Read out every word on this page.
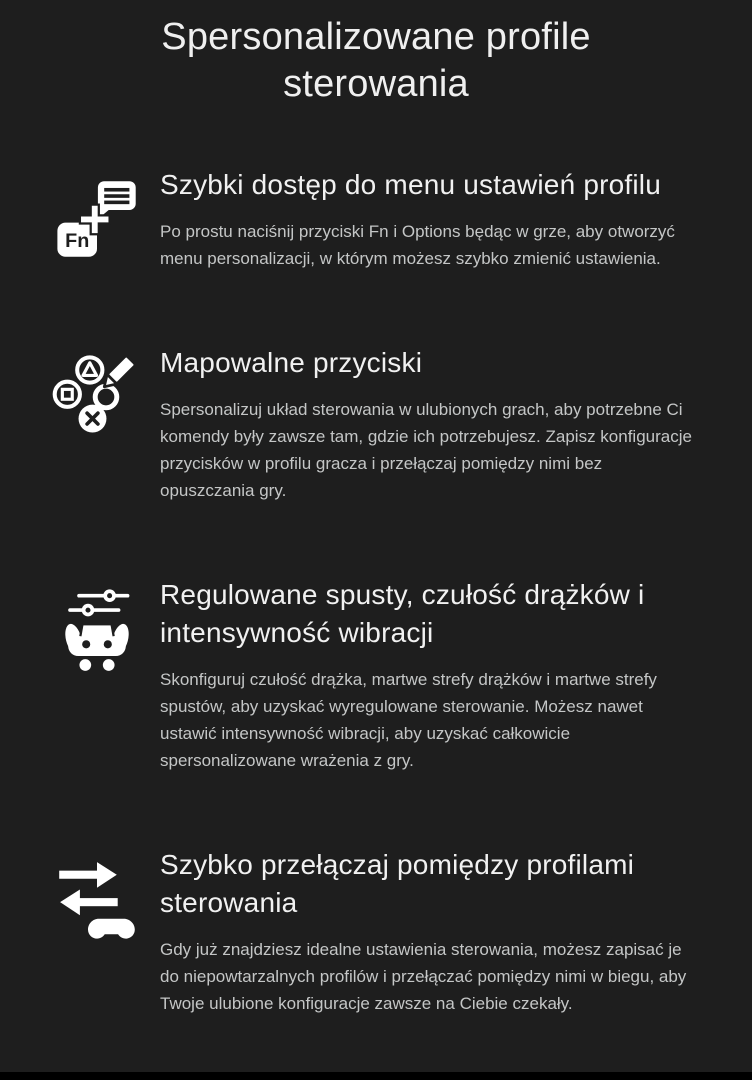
Spersonalizowane profile sterowania
Fn
Szybki dostęp do menu ustawień profilu

Po prostu naciśnij przyciski Fn i Options będąc w grze, aby otworzyć menu personalizacji, w którym możesz szybko zmienić ustawienia.

Mapowalne przyciski

Spersonalizuj układ sterowania w ulubionych grach, aby potrzebne Ci komendy były zawsze tam, gdzie ich potrzebujesz. Zapisz konfiguracje przycisków w profilu gracza i przełączaj pomiędzy nimi bez opuszczania gry.

Regulowane spusty, czułość drążków i intensywność wibracji

Skonfiguruj czułość drążka, martwe strefy drążków i martwe strefy spustów, aby uzyskać wyregulowane sterowanie. Możesz nawet ustawić intensywność wibracji, aby uzyskać całkowicie spersonalizowane wrażenia z gry.

Szybko przełączaj pomiędzy profilami sterowania

Gdy już znajdziesz idealne ustawienia sterowania, możesz zapisać je do niepowtarzalnych profilów i przełączać pomiędzy nimi w biegu, aby Twoje ulubione konfiguracje zawsze na Ciebie czekały.
